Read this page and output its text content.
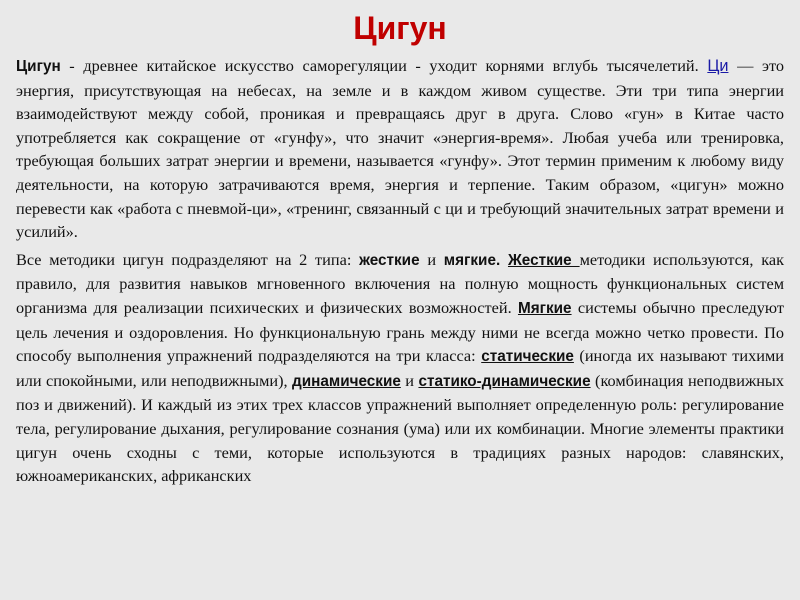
Цигун

Цигун - древнее китайское искусство саморегуляции - уходит корнями вглубь тысячелетий. Ци — это энергия, присутствующая на небесах, на земле и в каждом живом существе. Эти три типа энергии взаимодействуют между собой, проникая и превращаясь друг в друга. Слово «гун» в Китае часто употребляется как сокращение от «гунфу», что значит «энергия-время». Любая учеба или тренировка, требующая больших затрат энергии и времени, называется «гунфу». Этот термин применим к любому виду деятельности, на которую затрачиваются время, энергия и терпение. Таким образом, «цигун» можно перевести как «работа с пневмой-ци», «тренинг, связанный с ци и требующий значительных затрат времени и усилий».

Все методики цигун подразделяют на 2 типа: жесткие и мягкие. Жесткие методики используются, как правило, для развития навыков мгновенного включения на полную мощность функциональных систем организма для реализации психических и физических возможностей. Мягкие системы обычно преследуют цель лечения и оздоровления. Но функциональную грань между ними не всегда можно четко провести. По способу выполнения упражнений подразделяются на три класса: статические (иногда их называют тихими или спокойными, или неподвижными), динамические и статико-динамические (комбинация неподвижных поз и движений). И каждый из этих трех классов упражнений выполняет определенную роль: регулирование тела, регулирование дыхания, регулирование сознания (ума) или их комбинации. Многие элементы практики цигун очень сходны с теми, которые используются в традициях разных народов: славянских, южноамериканских, африканских
